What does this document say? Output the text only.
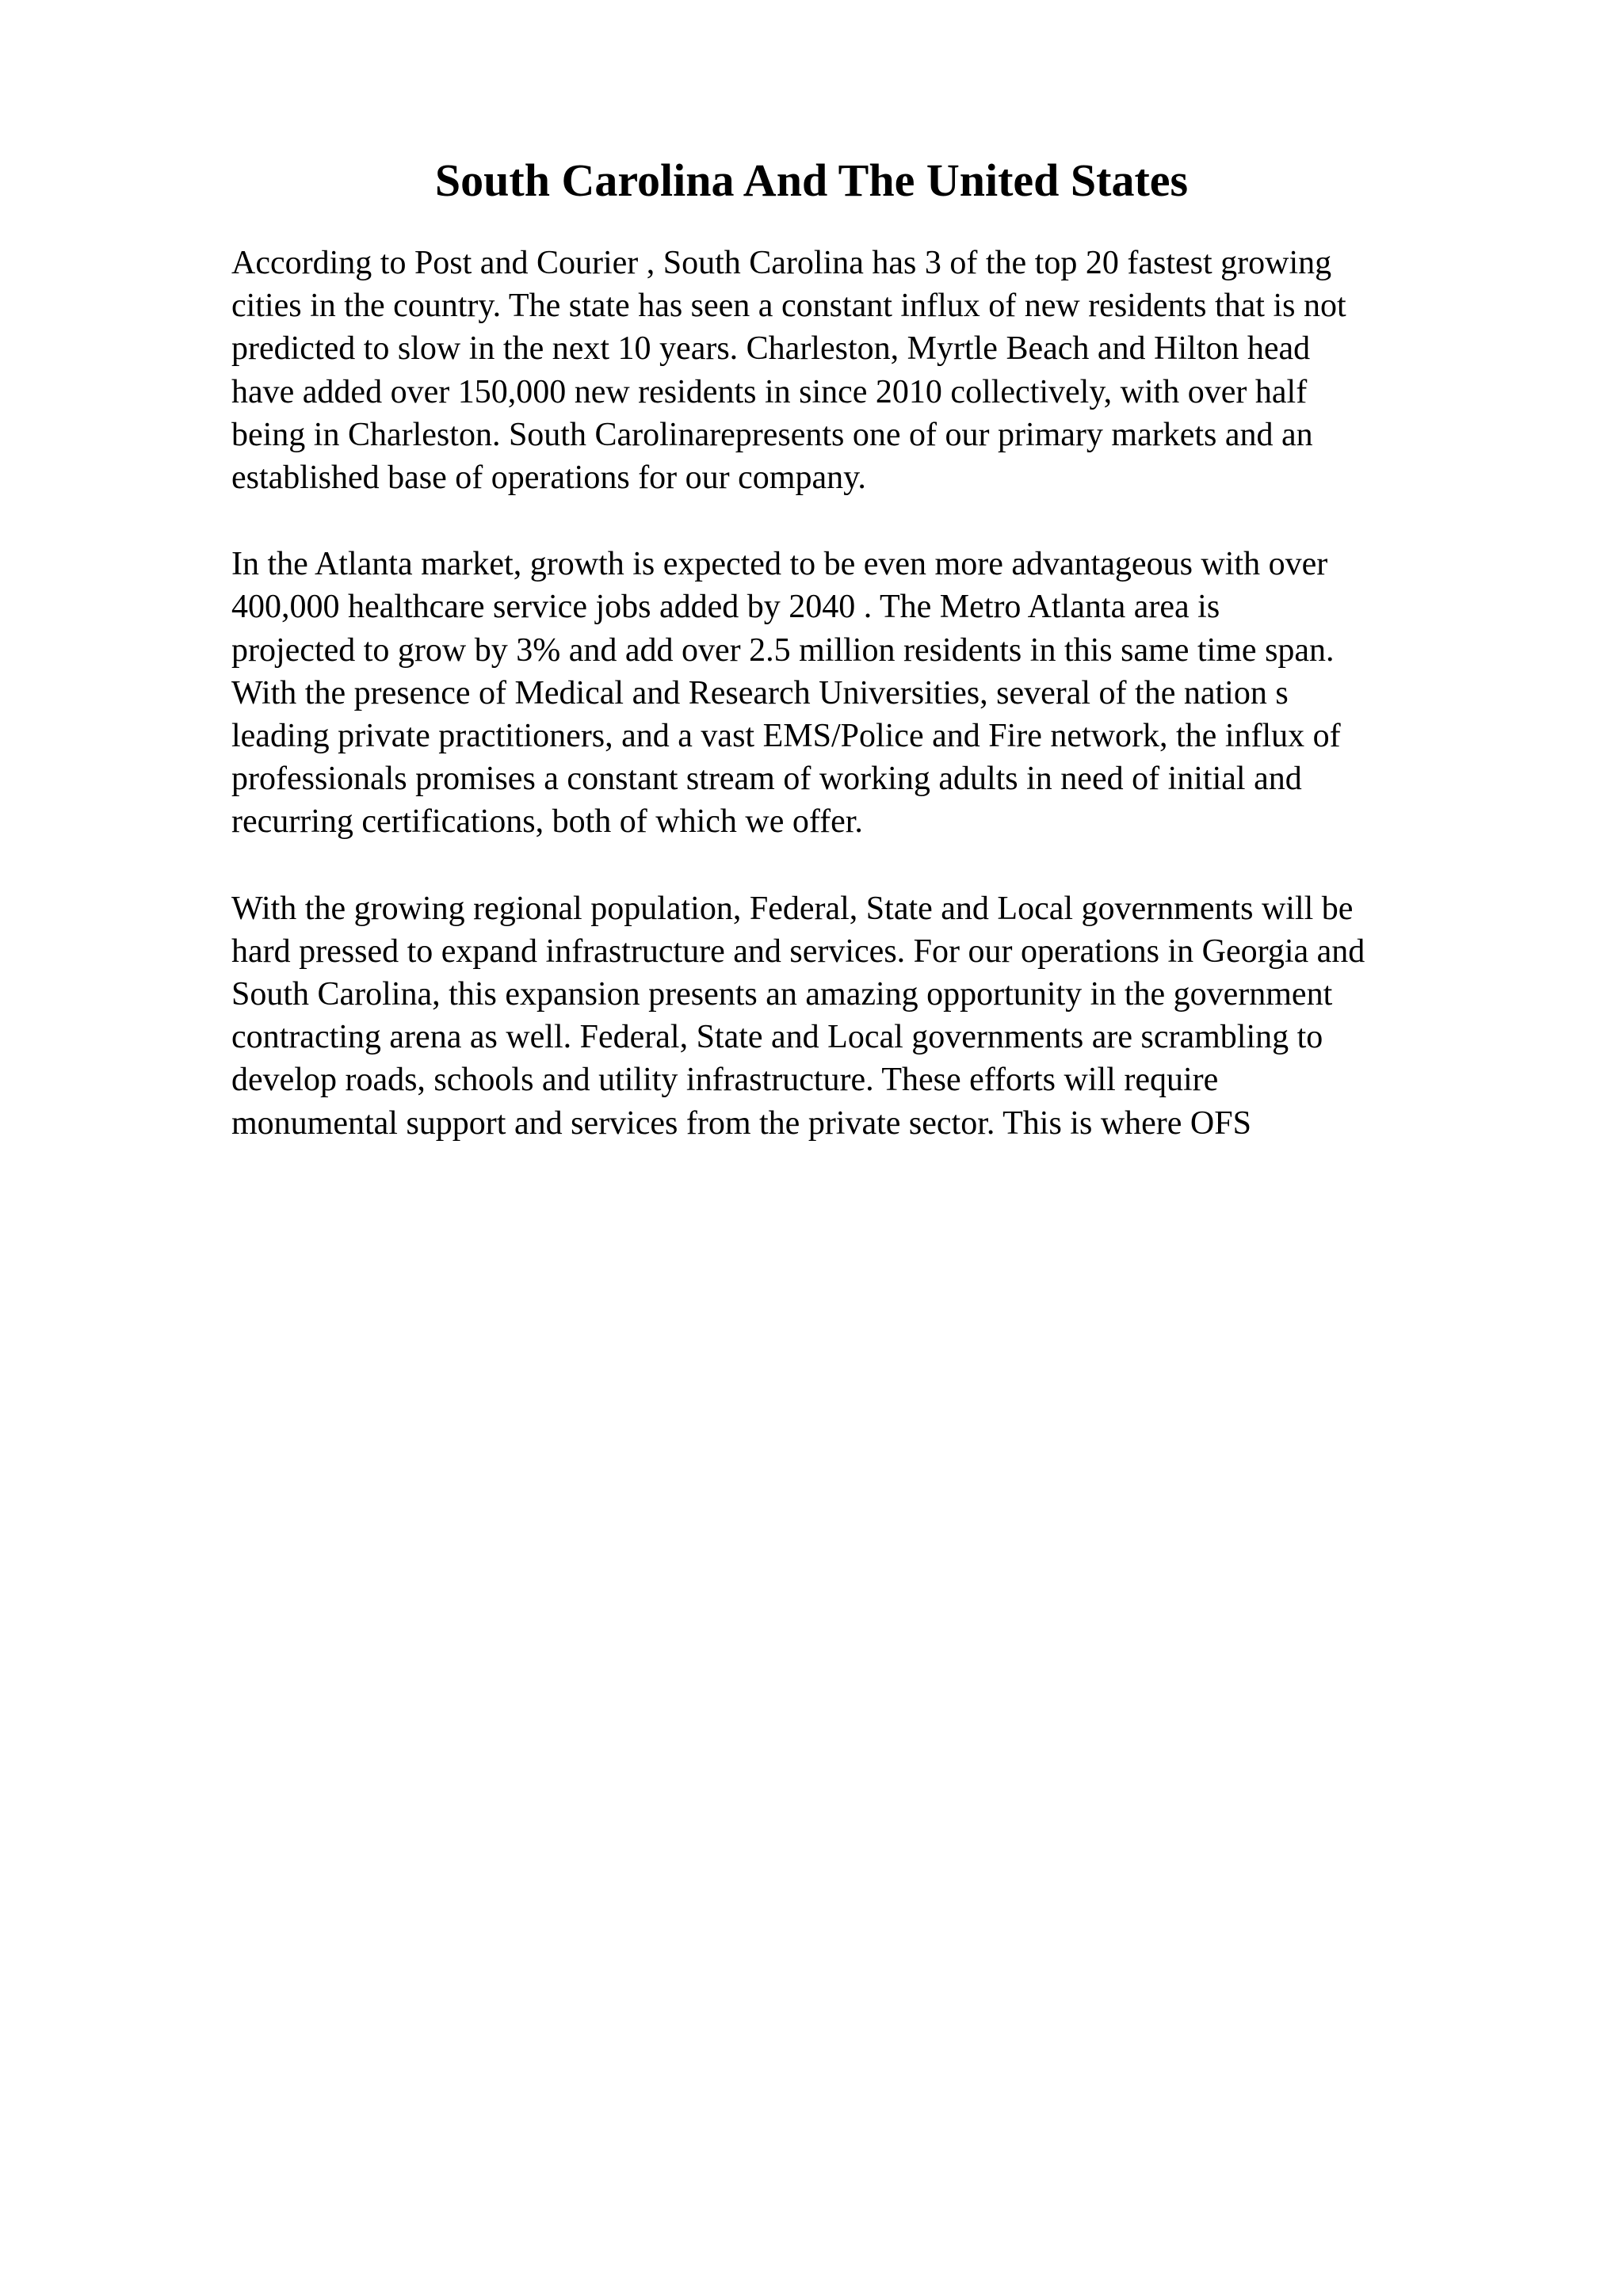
South Carolina And The United States

According to Post and Courier , South Carolina has 3 of the top 20 fastest growing
cities in the country. The state has seen a constant influx of new residents that is not
predicted to slow in the next 10 years. Charleston, Myrtle Beach and Hilton head
have added over 150,000 new residents in since 2010 collectively, with over half
being in Charleston. South Carolinarepresents one of our primary markets and an
established base of operations for our company.

In the Atlanta market, growth is expected to be even more advantageous with over
400,000 healthcare service jobs added by 2040 . The Metro Atlanta area is
projected to grow by 3% and add over 2.5 million residents in this same time span.
With the presence of Medical and Research Universities, several of the nation s
leading private practitioners, and a vast EMS/Police and Fire network, the influx of
professionals promises a constant stream of working adults in need of initial and
recurring certifications, both of which we offer.

With the growing regional population, Federal, State and Local governments will be
hard pressed to expand infrastructure and services. For our operations in Georgia and
South Carolina, this expansion presents an amazing opportunity in the government
contracting arena as well. Federal, State and Local governments are scrambling to
develop roads, schools and utility infrastructure. These efforts will require
monumental support and services from the private sector. This is where OFS
